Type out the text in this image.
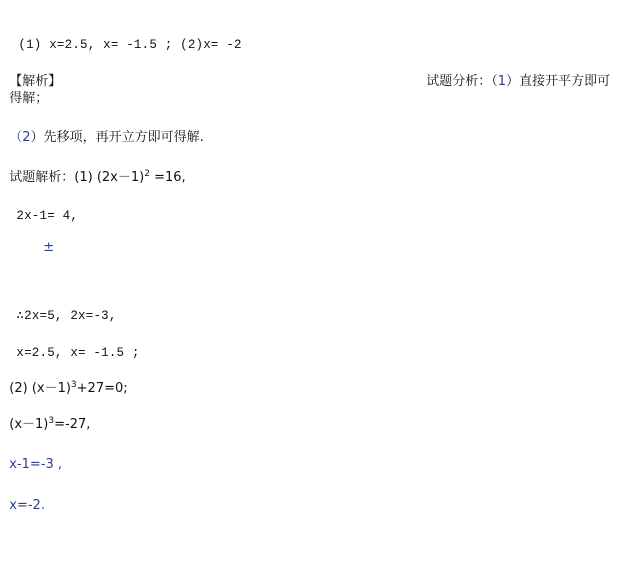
(1) x=2.5, x= -1.5 ; (2)x= -2

【解析】	试题分析：（1）直接开平方即可

得解；

（2）先移项，再开立方即可得解.

试题解析：(1) $(2x-1)^2 =16$,

2x-1= 4,

±

∴2x=5, 2x=-3,

x=2.5, x= -1.5 ;

(2) $(x-1)^3+27=0$;

$(x-1)^3=-27$,

x-1=-3 ,

x=-2.
